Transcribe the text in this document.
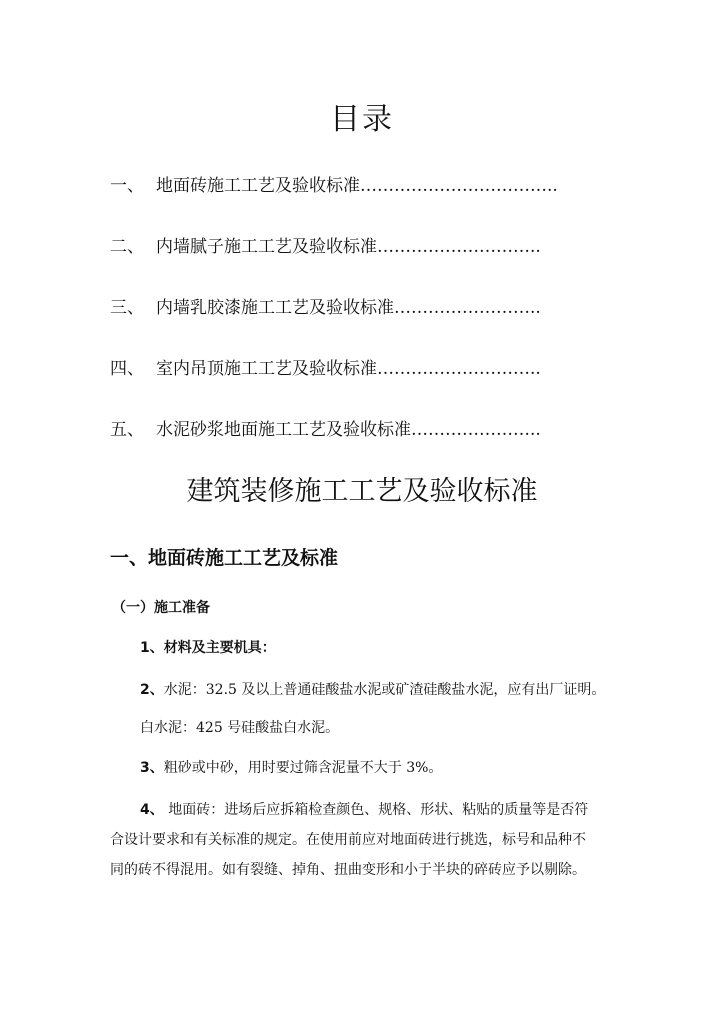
目录
一、 地面砖施工工艺及验收标准 ……………………………..
二、 内墙腻子施工工艺及验收标准 ………………………..
三、 内墙乳胶漆施工工艺及验收标准 ……………………..
四、 室内吊顶施工工艺及验收标准 ………………………..
五、 水泥砂浆地面施工工艺及验收标准 …………………..
建筑装修施工工艺及验收标准
一、地面砖施工工艺及标准
（一）施工准备
1、材料及主要机具：
2、水泥：32.5 及以上普通硅酸盐水泥或矿渣硅酸盐水泥，应有出厂证明。
白水泥：425 号硅酸盐白水泥。
3、粗砂或中砂，用时要过筛含泥量不大于 3%。
4、 地面砖：进场后应拆箱检查颜色、规格、形状、粘贴的质量等是否符
合设计要求和有关标准的规定。在使用前应对地面砖进行挑选，标号和品种不
同的砖不得混用。如有裂缝、掉角、扭曲变形和小于半块的碎砖应予以剔除。
